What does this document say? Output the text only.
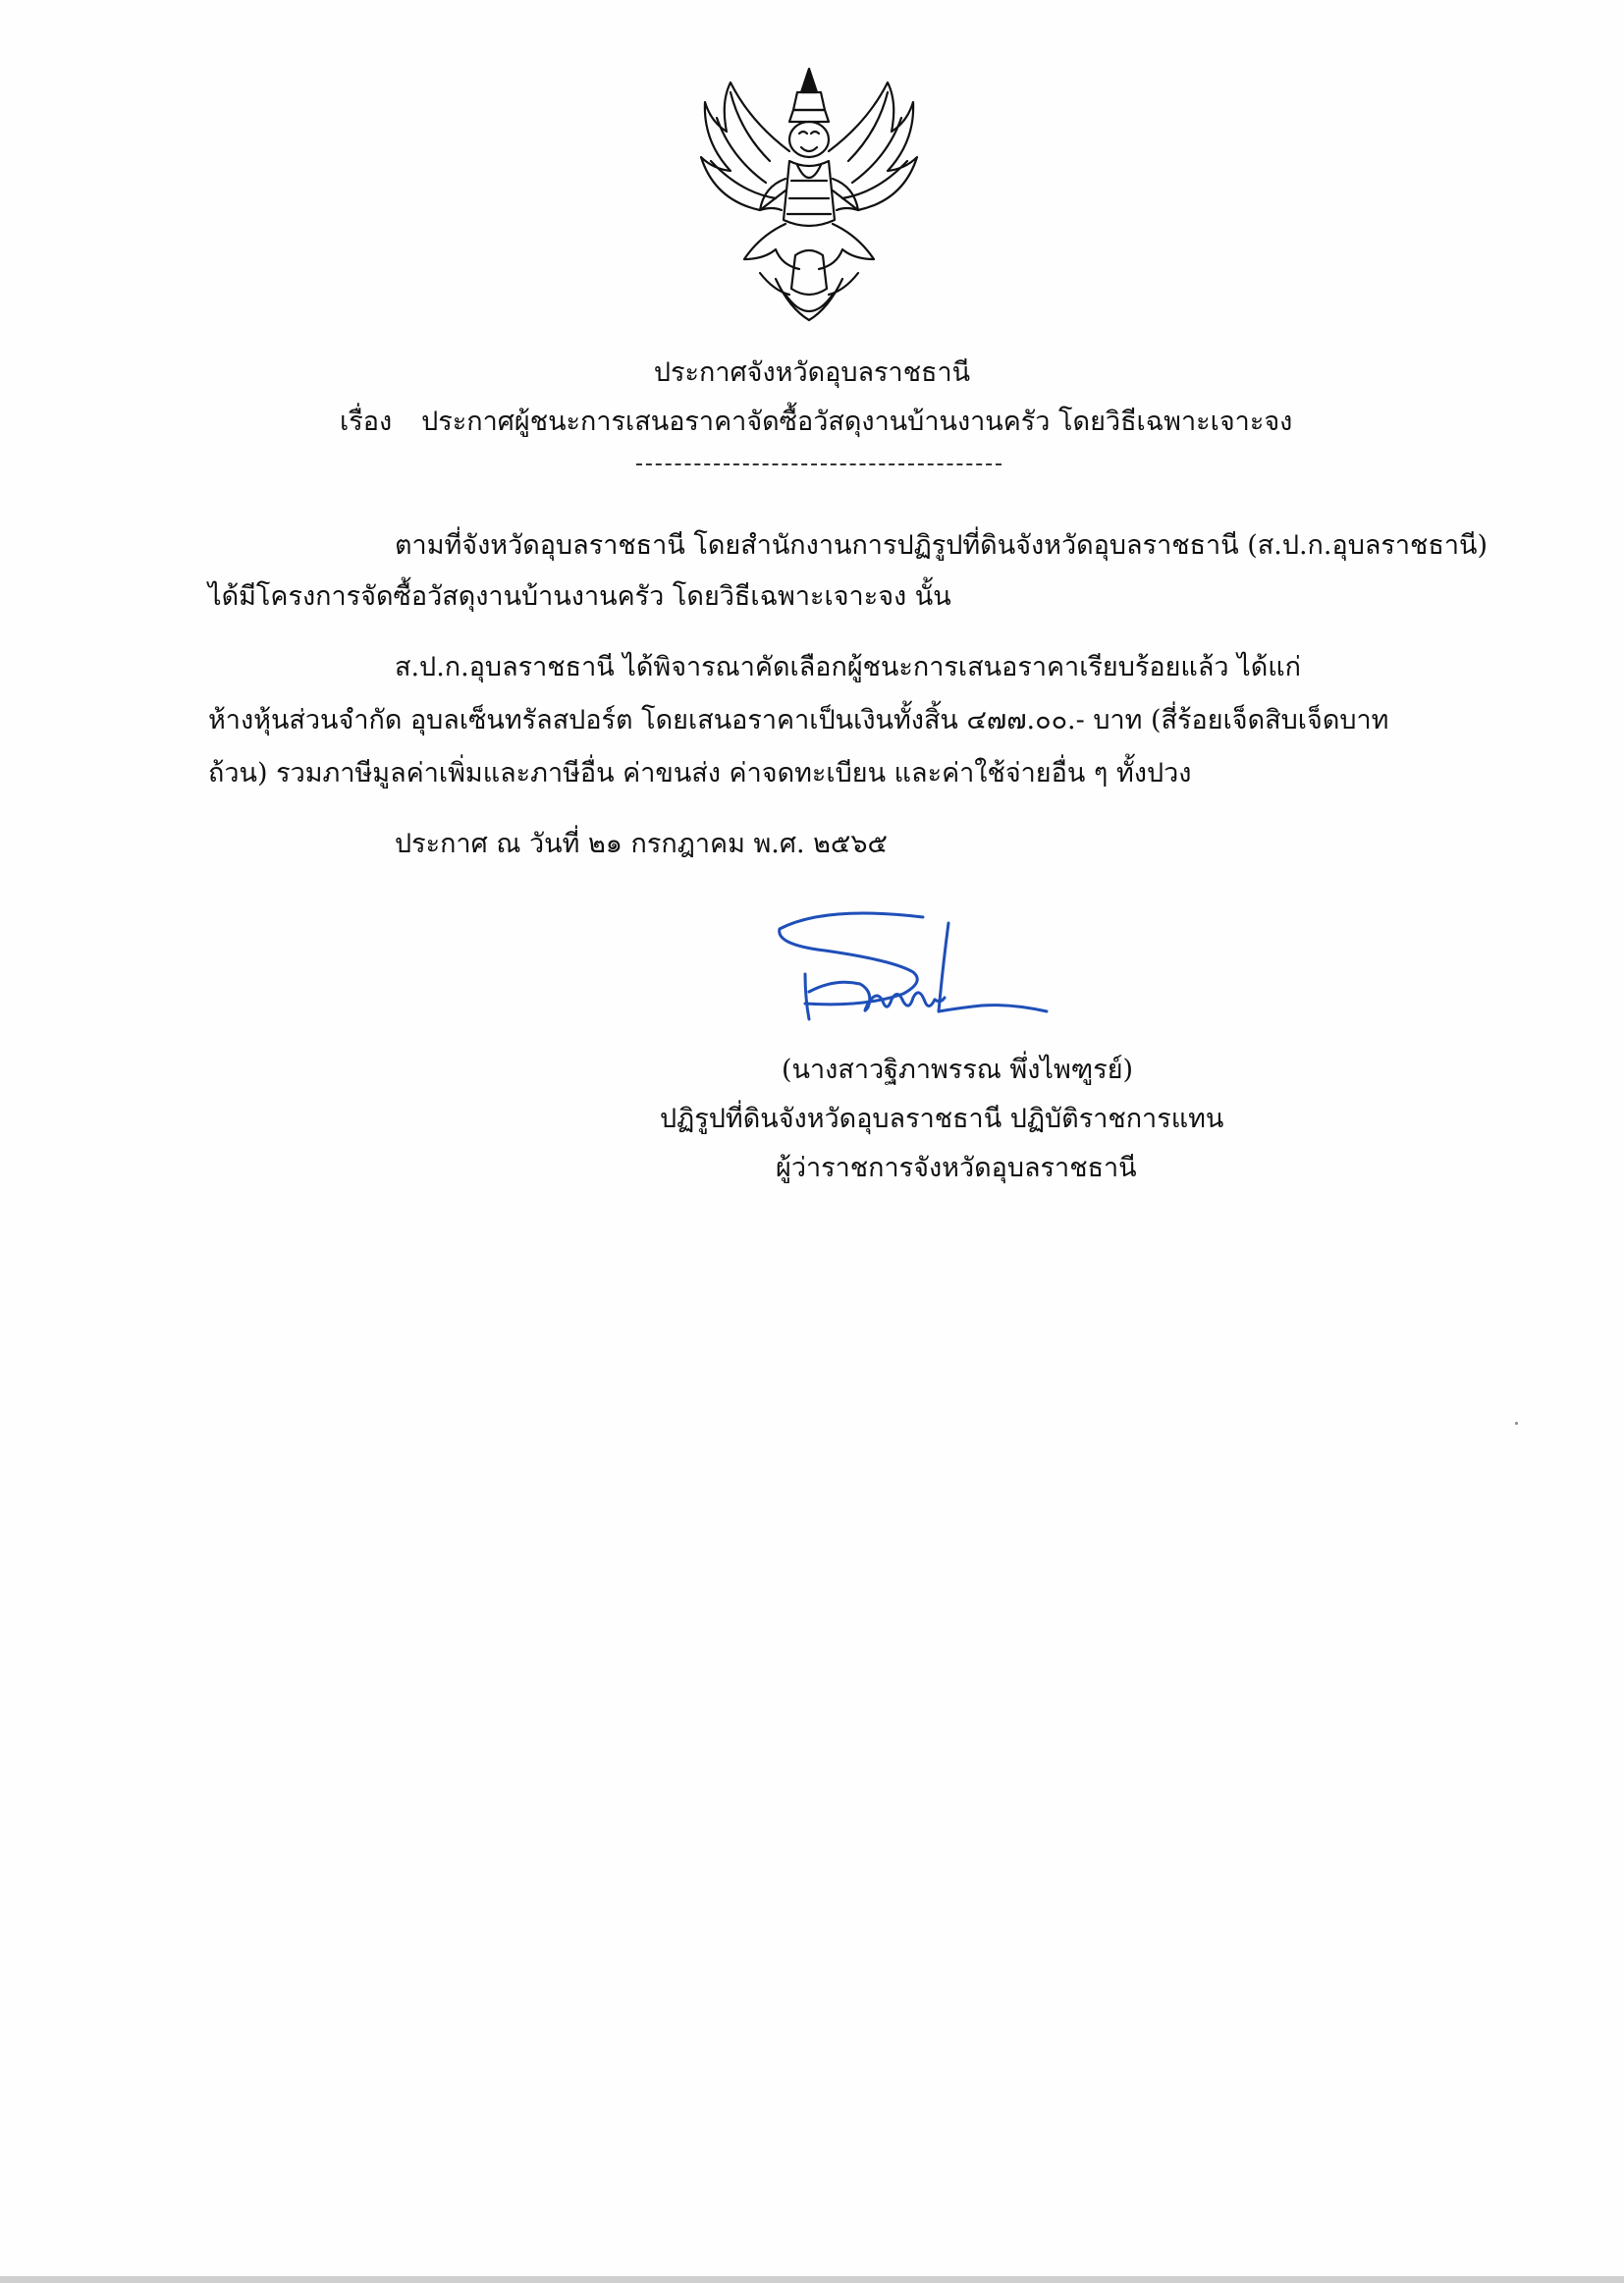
ประกาศจังหวัดอุบลราชธานี
เรื่อง ประกาศผู้ชนะการเสนอราคาจัดซื้อวัสดุงานบ้านงานครัว โดยวิธีเฉพาะเจาะจง
ตามที่จังหวัดอุบลราชธานี โดยสำนักงานการปฏิรูปที่ดินจังหวัดอุบลราชธานี (ส.ป.ก.อุบลราชธานี)
ได้มีโครงการจัดซื้อวัสดุงานบ้านงานครัว โดยวิธีเฉพาะเจาะจง นั้น
ส.ป.ก.อุบลราชธานี ได้พิจารณาคัดเลือกผู้ชนะการเสนอราคาเรียบร้อยแล้ว ได้แก่
ห้างหุ้นส่วนจำกัด อุบลเซ็นทรัลสปอร์ต โดยเสนอราคาเป็นเงินทั้งสิ้น ๔๗๗.๐๐.- บาท (สี่ร้อยเจ็ดสิบเจ็ดบาท
ถ้วน) รวมภาษีมูลค่าเพิ่มและภาษีอื่น ค่าขนส่ง ค่าจดทะเบียน และค่าใช้จ่ายอื่น ๆ ทั้งปวง
ประกาศ ณ วันที่ ๒๑ กรกฎาคม พ.ศ. ๒๕๖๕
(นางสาวฐิภาพรรณ พึ่งไพฑูรย์)
ปฏิรูปที่ดินจังหวัดอุบลราชธานี ปฏิบัติราชการแทน
ผู้ว่าราชการจังหวัดอุบลราชธานี
